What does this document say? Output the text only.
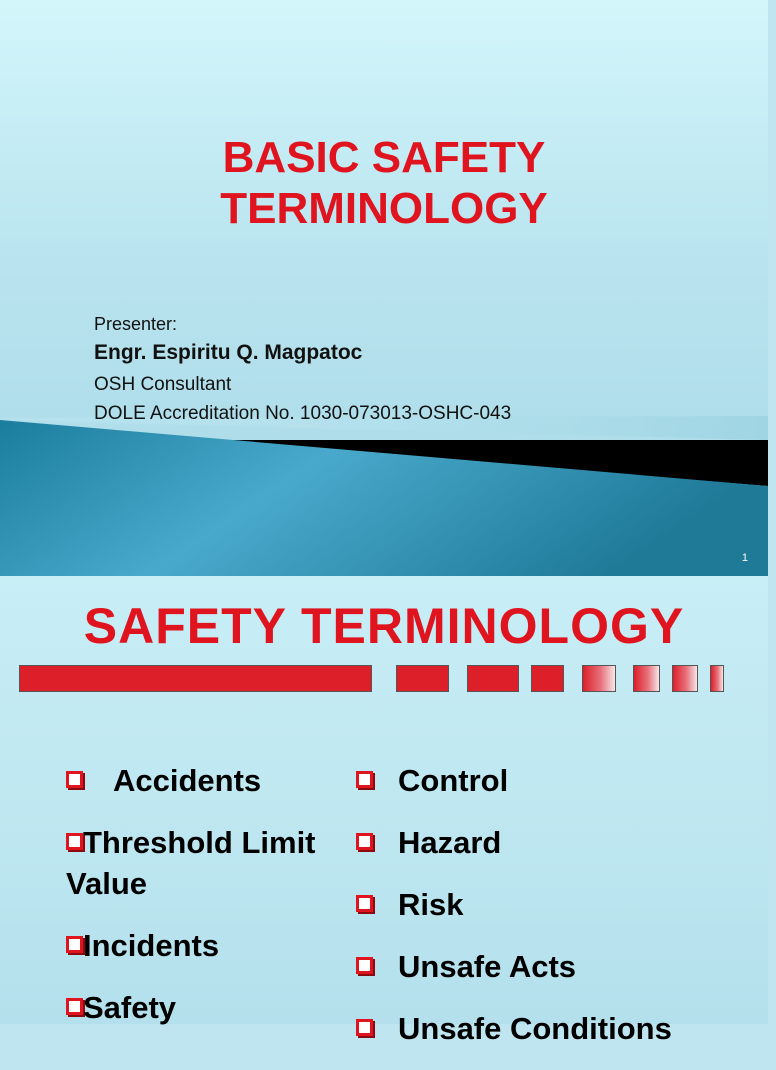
BASIC SAFETY
TERMINOLOGY
Presenter:
Engr. Espiritu Q. Magpatoc
OSH Consultant
DOLE Accreditation No. 1030-073013-OSHC-043
1
SAFETY TERMINOLOGY
Accidents
Threshold Limit Value
Incidents
Safety
Control
Hazard
Risk
Unsafe Acts
Unsafe Conditions
